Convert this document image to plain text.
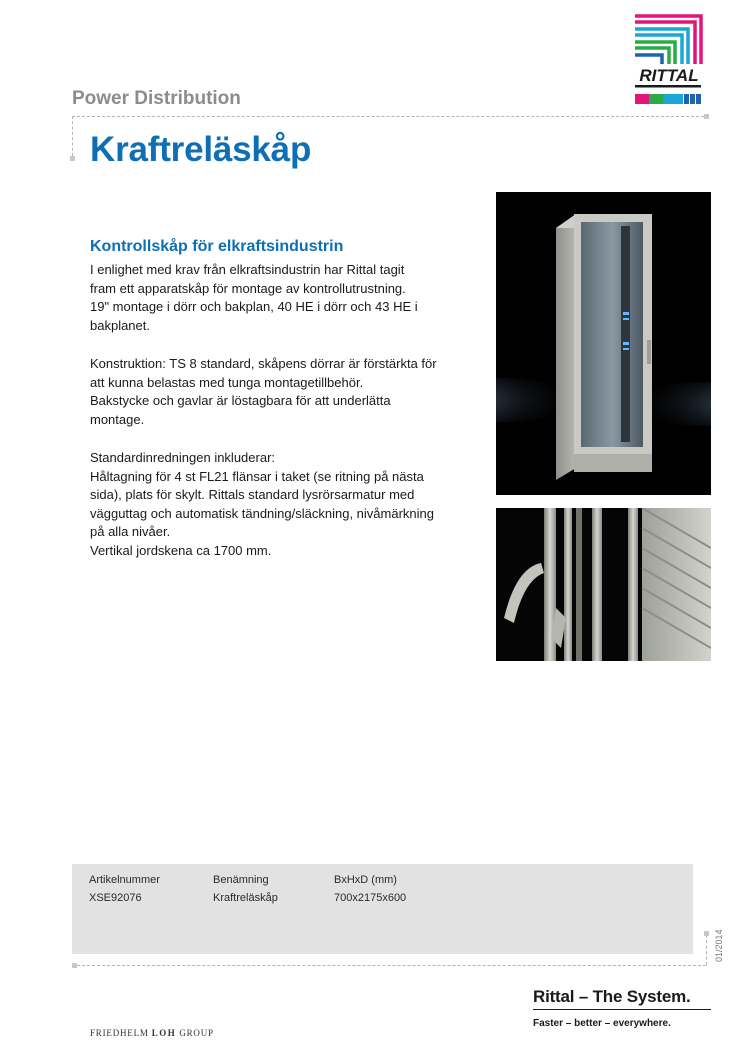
RITTAL
Power Distribution
Kraftreläskåp
Kontrollskåp för elkraftsindustrin
I enlighet med krav från elkraftsindustrin har Rittal tagit
fram ett apparatskåp för montage av kontrollutrustning.
19" montage i dörr och bakplan, 40 HE i dörr och 43 HE i
bakplanet.
Konstruktion: TS 8 standard, skåpens dörrar är förstärkta för
att kunna belastas med tunga montagetillbehör.
Bakstycke och gavlar är löstagbara för att underlätta
montage.
Standardinredningen inkluderar:
Håltagning för 4 st FL21 flänsar i taket (se ritning på nästa
sida), plats för skylt. Rittals standard lysrörsarmatur med
vägguttag och automatisk tändning/släckning, nivåmärkning
på alla nivåer.
Vertikal jordskena ca 1700 mm.
Artikelnummer	Benämning	BxHxD (mm)
XSE92076	Kraftreläskåp	700x2175x600
01/2014
Rittal – The System.
Faster – better – everywhere.
FRIEDHELM LOH GROUP
